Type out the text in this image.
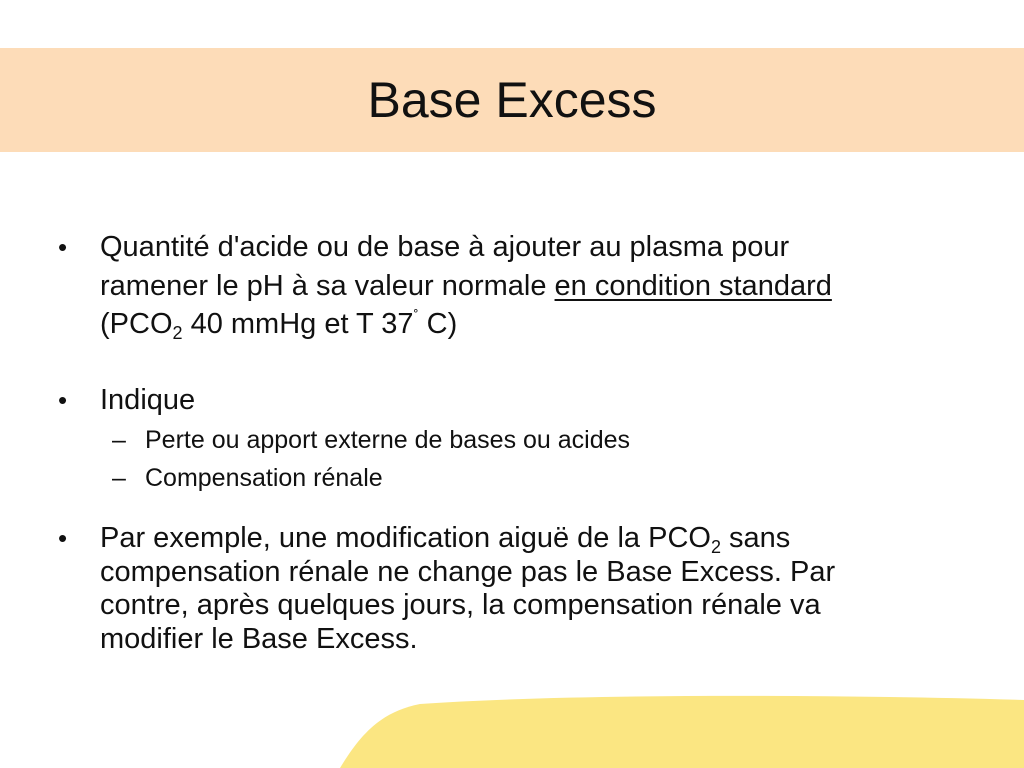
Base Excess
• Quantité d'acide ou de base à ajouter au plasma pour
ramener le pH à sa valeur normale en condition standard
($PCO_2$ 40 mmHg et T 37˚ C)
• Indique
– Perte ou apport externe de bases ou acides
– Compensation rénale
• Par exemple, une modification aiguë de la $PCO_2$ sans
compensation rénale ne change pas le Base Excess. Par
contre, après quelques jours, la compensation rénale va
modifier le Base Excess.
